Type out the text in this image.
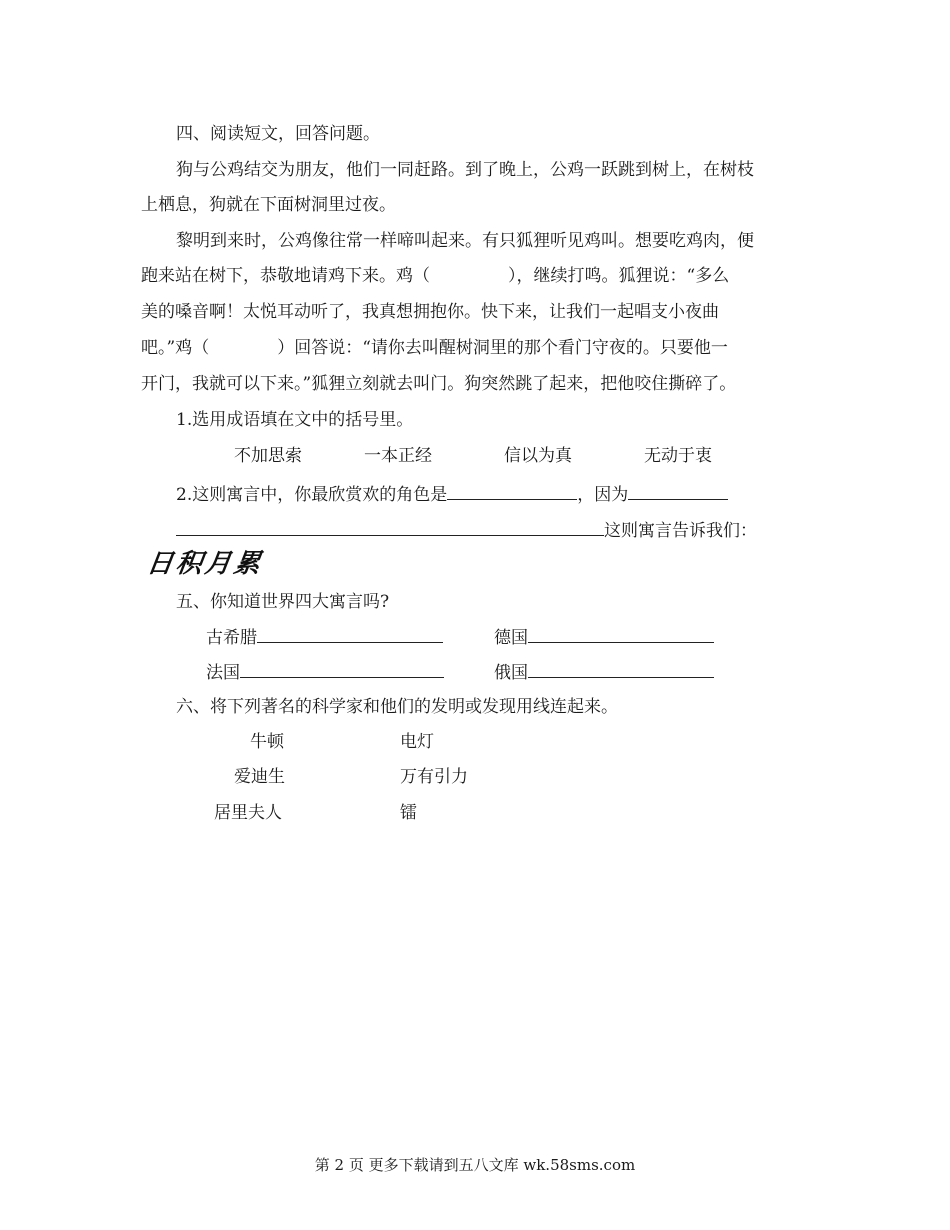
四、阅读短文，回答问题。
狗与公鸡结交为朋友，他们一同赶路。到了晚上，公鸡一跃跳到树上，在树枝
上栖息，狗就在下面树洞里过夜。
黎明到来时，公鸡像往常一样啼叫起来。有只狐狸听见鸡叫。想要吃鸡肉，便
跑来站在树下，恭敬地请鸡下来。鸡（	），继续打鸣。狐狸说：“多么
美的嗓音啊！太悦耳动听了，我真想拥抱你。快下来，让我们一起唱支小夜曲
吧。”鸡（	）回答说：“请你去叫醒树洞里的那个看门守夜的。只要他一
开门，我就可以下来。”狐狸立刻就去叫门。狗突然跳了起来，把他咬住撕碎了。
1.选用成语填在文中的括号里。
不加思索	一本正经	信以为真	无动于衷
2.这则寓言中，你最欣赏欢的角色是	，因为
这则寓言告诉我们：
日积月累
五、你知道世界四大寓言吗?
古希腊	德国
法国	俄国
六、将下列著名的科学家和他们的发明或发现用线连起来。
牛顿	电灯
爱迪生	万有引力
居里夫人	镭
第 2 页 更多下载请到五八文库 wk.58sms.com
